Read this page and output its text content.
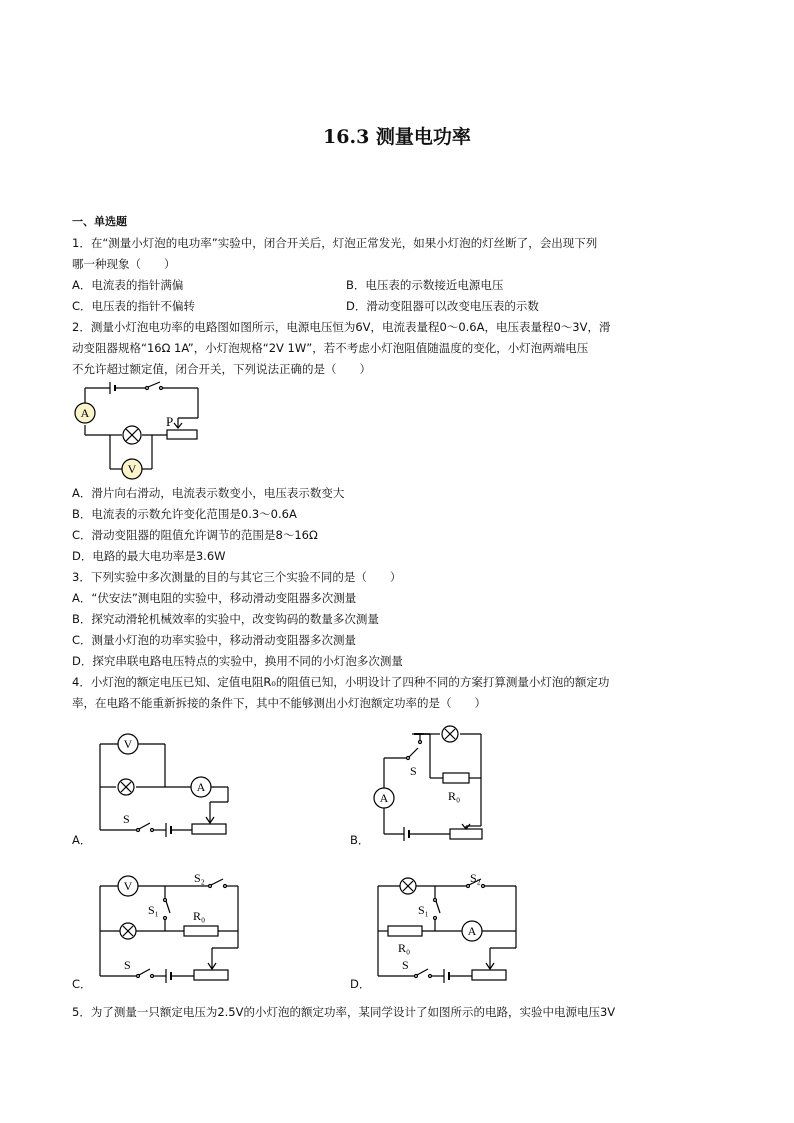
16.3 测量电功率
一、单选题
1．在“测量小灯泡的电功率”实验中，闭合开关后，灯泡正常发光，如果小灯泡的灯丝断了，会出现下列
哪一种现象（　　）
A．电流表的指针满偏	B．电压表的示数接近电源电压
C．电压表的指针不偏转	D．滑动变阻器可以改变电压表的示数
2．测量小灯泡电功率的电路图如图所示，电源电压恒为6V，电流表量程0～0.6A，电压表量程0～3V，滑
动变阻器规格“16Ω 1A”，小灯泡规格“2V 1W”，若不考虑小灯泡阻值随温度的变化，小灯泡两端电压
不允许超过额定值，闭合开关，下列说法正确的是（　　）
A
V
P
A．滑片向右滑动，电流表示数变小，电压表示数变大
B．电流表的示数允许变化范围是0.3～0.6A
C．滑动变阻器的阻值允许调节的范围是8～16Ω
D．电路的最大电功率是3.6W
3．下列实验中多次测量的目的与其它三个实验不同的是（　　）
A．“伏安法”测电阻的实验中，移动滑动变阻器多次测量
B．探究动滑轮机械效率的实验中，改变钩码的数量多次测量
C．测量小灯泡的功率实验中，移动滑动变阻器多次测量
D．探究串联电路电压特点的实验中，换用不同的小灯泡多次测量
4．小灯泡的额定电压已知、定值电阻R₀的阻值已知，小明设计了四种不同的方案打算测量小灯泡的额定功
率，在电路不能重新拆接的条件下，其中不能够测出小灯泡额定功率的是（　　）
V
A
S
A．
A
S
R₀
B．
V
S₂
S₁	R₀
S
C．
A
S₂
S₁
R₀
S
D．
5．为了测量一只额定电压为2.5V的小灯泡的额定功率，某同学设计了如图所示的电路，实验中电源电压3V
